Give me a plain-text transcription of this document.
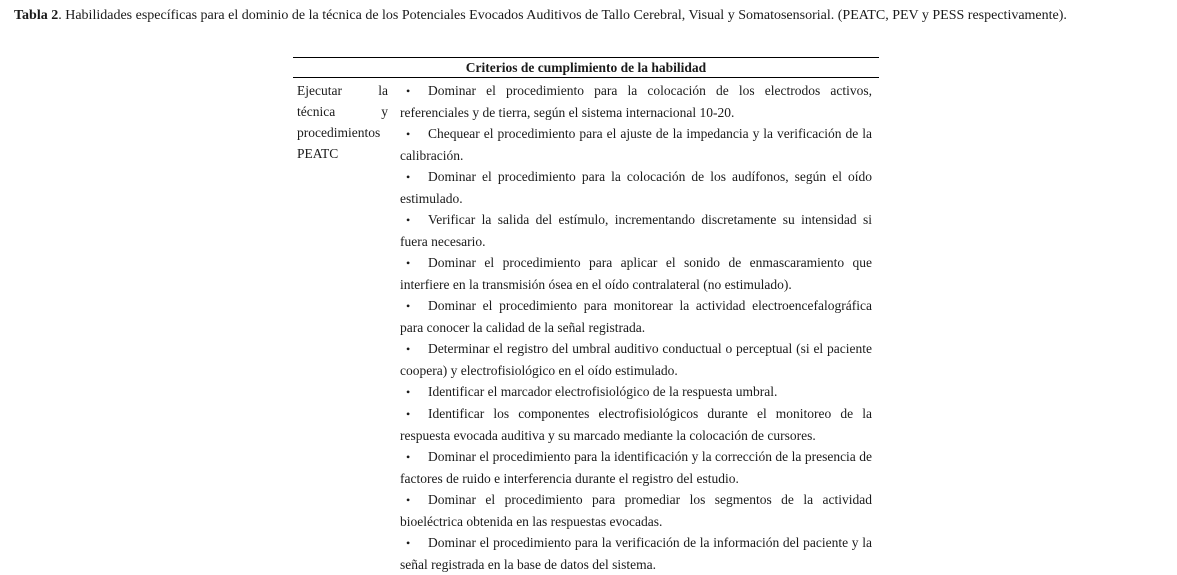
Tabla 2. Habilidades específicas para el dominio de la técnica de los Potenciales Evocados Auditivos de Tallo Cerebral, Visual y Somatosensorial. (PEATC, PEV y PESS respectivamente).
Criterios de cumplimiento de la habilidad
Ejecutar	la
técnica	y
procedimientos
PEATC

• Dominar el procedimiento para la colocación de los electrodos activos, referenciales y de tierra, según el sistema internacional 10-20.

• Chequear el procedimiento para el ajuste de la impedancia y la verificación de la calibración.

• Dominar el procedimiento para la colocación de los audífonos, según el oído estimulado.

• Verificar la salida del estímulo, incrementando discretamente su intensidad si fuera necesario.

• Dominar el procedimiento para aplicar el sonido de enmascaramiento que interfiere en la transmisión ósea en el oído contralateral (no estimulado).

• Dominar el procedimiento para monitorear la actividad electroencefalográfica para conocer la calidad de la señal registrada.

• Determinar el registro del umbral auditivo conductual o perceptual (si el paciente coopera) y electrofisiológico en el oído estimulado.

• Identificar el marcador electrofisiológico de la respuesta umbral.

• Identificar los componentes electrofisiológicos durante el monitoreo de la respuesta evocada auditiva y su marcado mediante la colocación de cursores.

• Dominar el procedimiento para la identificación y la corrección de la presencia de factores de ruido e interferencia durante el registro del estudio.

• Dominar el procedimiento para promediar los segmentos de la actividad bioeléctrica obtenida en las respuestas evocadas.

• Dominar el procedimiento para la verificación de la información del paciente y la señal registrada en la base de datos del sistema.
